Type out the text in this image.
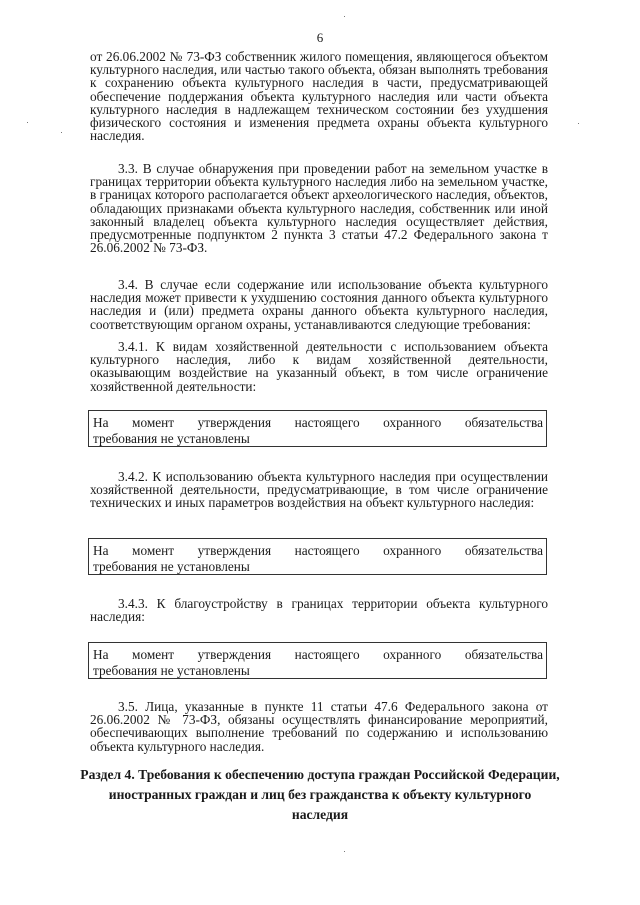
6

от 26.06.2002 № 73-ФЗ собственник жилого помещения, являющегося объектом культурного наследия, или частью такого объекта, обязан выполнять требования к сохранению объекта культурного наследия в части, предусматривающей обеспечение поддержания объекта культурного наследия или части объекта культурного наследия в надлежащем техническом состоянии без ухудшения физического состояния и изменения предмета охраны объекта культурного наследия.

3.3. В случае обнаружения при проведении работ на земельном участке в границах территории объекта культурного наследия либо на земельном участке, в границах которого располагается объект археологического наследия, объектов, обладающих признаками объекта культурного наследия, собственник или иной законный владелец объекта культурного наследия осуществляет действия, предусмотренные подпунктом 2 пункта 3 статьи 47.2 Федерального закона т 26.06.2002 № 73-ФЗ.

3.4. В случае если содержание или использование объекта культурного наследия может привести к ухудшению состояния данного объекта культурного наследия и (или) предмета охраны данного объекта культурного наследия, соответствующим органом охраны, устанавливаются следующие требования:

3.4.1. К видам хозяйственной деятельности с использованием объекта культурного наследия, либо к видам хозяйственной деятельности, оказывающим воздействие на указанный объект, в том числе ограничение хозяйственной деятельности:

На момент утверждения настоящего охранного обязательства
требования не установлены

3.4.2. К использованию объекта культурного наследия при осуществлении хозяйственной деятельности, предусматривающие, в том числе ограничение технических и иных параметров воздействия на объект культурного наследия:

На момент утверждения настоящего охранного обязательства
требования не установлены

3.4.3. К благоустройству в границах территории объекта культурного наследия:

На момент утверждения настоящего охранного обязательства
требования не установлены

3.5. Лица, указанные в пункте 11 статьи 47.6 Федерального закона от 26.06.2002 № 73-ФЗ, обязаны осуществлять финансирование мероприятий, обеспечивающих выполнение требований по содержанию и использованию объекта культурного наследия.

Раздел 4. Требования к обеспечению доступа граждан Российской Федерации, иностранных граждан и лиц без гражданства к объекту культурного наследия
